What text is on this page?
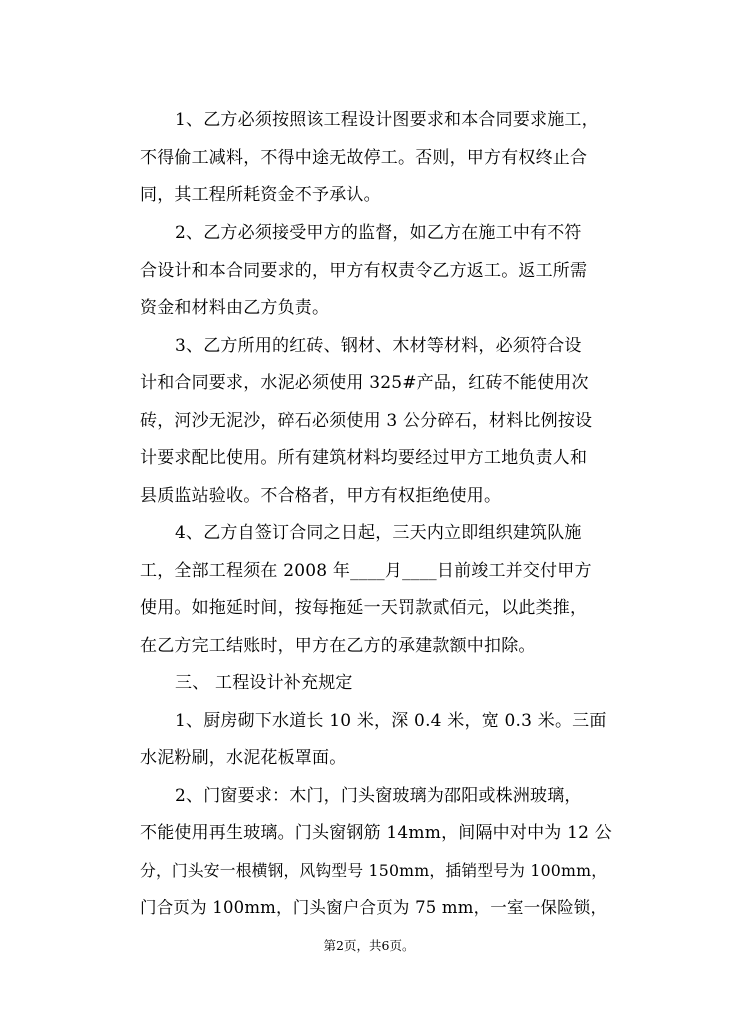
1、乙方必须按照该工程设计图要求和本合同要求施工，
不得偷工减料，不得中途无故停工。否则，甲方有权终止合
同，其工程所耗资金不予承认。
2、乙方必须接受甲方的监督，如乙方在施工中有不符
合设计和本合同要求的，甲方有权责令乙方返工。返工所需
资金和材料由乙方负责。
3、乙方所用的红砖、钢材、木材等材料，必须符合设
计和合同要求，水泥必须使用 325#产品，红砖不能使用次
砖，河沙无泥沙，碎石必须使用 3 公分碎石，材料比例按设
计要求配比使用。所有建筑材料均要经过甲方工地负责人和
县质监站验收。不合格者，甲方有权拒绝使用。
4、乙方自签订合同之日起，三天内立即组织建筑队施
工，全部工程须在 2008 年____月____日前竣工并交付甲方
使用。如拖延时间，按每拖延一天罚款贰佰元，以此类推，
在乙方完工结账时，甲方在乙方的承建款额中扣除。
三、 工程设计补充规定
1、厨房砌下水道长 10 米，深 0.4 米，宽 0.3 米。三面
水泥粉刷，水泥花板罩面。
2、门窗要求：木门，门头窗玻璃为邵阳或株洲玻璃，
不能使用再生玻璃。门头窗钢筋 14mm，间隔中对中为 12 公
分，门头安一根横钢，风钩型号 150mm，插销型号为 100mm，
门合页为 100mm，门头窗户合页为 75 mm，一室一保险锁，
第2页，共6页。
